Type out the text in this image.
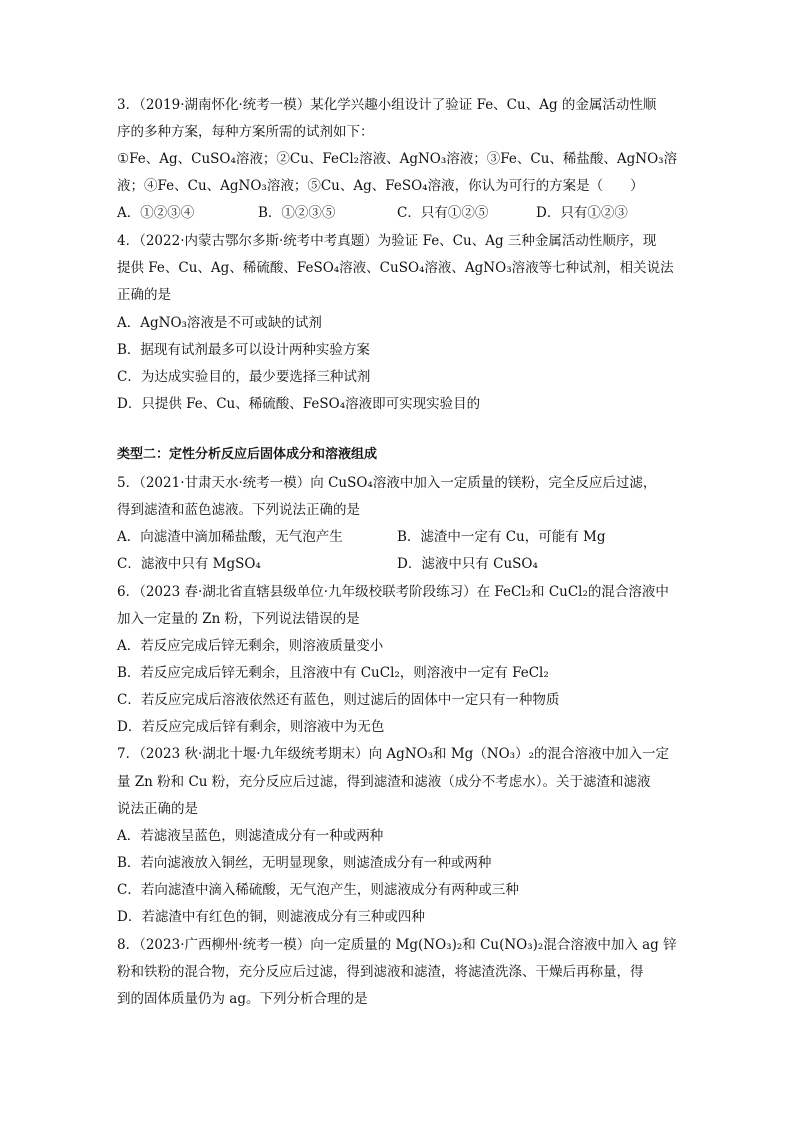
3．（2019·湖南怀化·统考一模）某化学兴趣小组设计了验证 Fe、Cu、Ag 的金属活动性顺
序的多种方案，每种方案所需的试剂如下：
①Fe、Ag、CuSO₄溶液；②Cu、FeCl₂溶液、AgNO₃溶液；③Fe、Cu、稀盐酸、AgNO₃溶
液；④Fe、Cu、AgNO₃溶液；⑤Cu、Ag、FeSO₄溶液，你认为可行的方案是（　　）
A．①②③④	B．①②③⑤	C．只有①②⑤	D．只有①②③
4．（2022·内蒙古鄂尔多斯·统考中考真题）为验证 Fe、Cu、Ag 三种金属活动性顺序，现
提供 Fe、Cu、Ag、稀硫酸、FeSO₄溶液、CuSO₄溶液、AgNO₃溶液等七种试剂，相关说法
正确的是
A．AgNO₃溶液是不可或缺的试剂
B．据现有试剂最多可以设计两种实验方案
C．为达成实验目的，最少要选择三种试剂
D．只提供 Fe、Cu、稀硫酸、FeSO₄溶液即可实现实验目的
类型二：定性分析反应后固体成分和溶液组成
5．（2021·甘肃天水·统考一模）向 CuSO₄溶液中加入一定质量的镁粉，完全反应后过滤，
得到滤渣和蓝色滤液。下列说法正确的是
A．向滤渣中滴加稀盐酸，无气泡产生	B．滤渣中一定有 Cu，可能有 Mg
C．滤液中只有 MgSO₄	D．滤液中只有 CuSO₄
6．（2023 春·湖北省直辖县级单位·九年级校联考阶段练习）在 FeCl₂和 CuCl₂的混合溶液中
加入一定量的 Zn 粉，下列说法错误的是
A．若反应完成后锌无剩余，则溶液质量变小
B．若反应完成后锌无剩余，且溶液中有 CuCl₂，则溶液中一定有 FeCl₂
C．若反应完成后溶液依然还有蓝色，则过滤后的固体中一定只有一种物质
D．若反应完成后锌有剩余，则溶液中为无色
7．（2023 秋·湖北十堰·九年级统考期末）向 AgNO₃和 Mg（NO₃）₂的混合溶液中加入一定
量 Zn 粉和 Cu 粉，充分反应后过滤，得到滤渣和滤液（成分不考虑水）。关于滤渣和滤液
说法正确的是
A．若滤液呈蓝色，则滤渣成分有一种或两种
B．若向滤液放入铜丝，无明显现象，则滤渣成分有一种或两种
C．若向滤渣中滴入稀硫酸，无气泡产生，则滤液成分有两种或三种
D．若滤渣中有红色的铜，则滤液成分有三种或四种
8．（2023·广西柳州·统考一模）向一定质量的 Mg(NO₃)₂和 Cu(NO₃)₂混合溶液中加入 ag 锌
粉和铁粉的混合物，充分反应后过滤，得到滤液和滤渣，将滤渣洗涤、干燥后再称量，得
到的固体质量仍为 ag。下列分析合理的是
